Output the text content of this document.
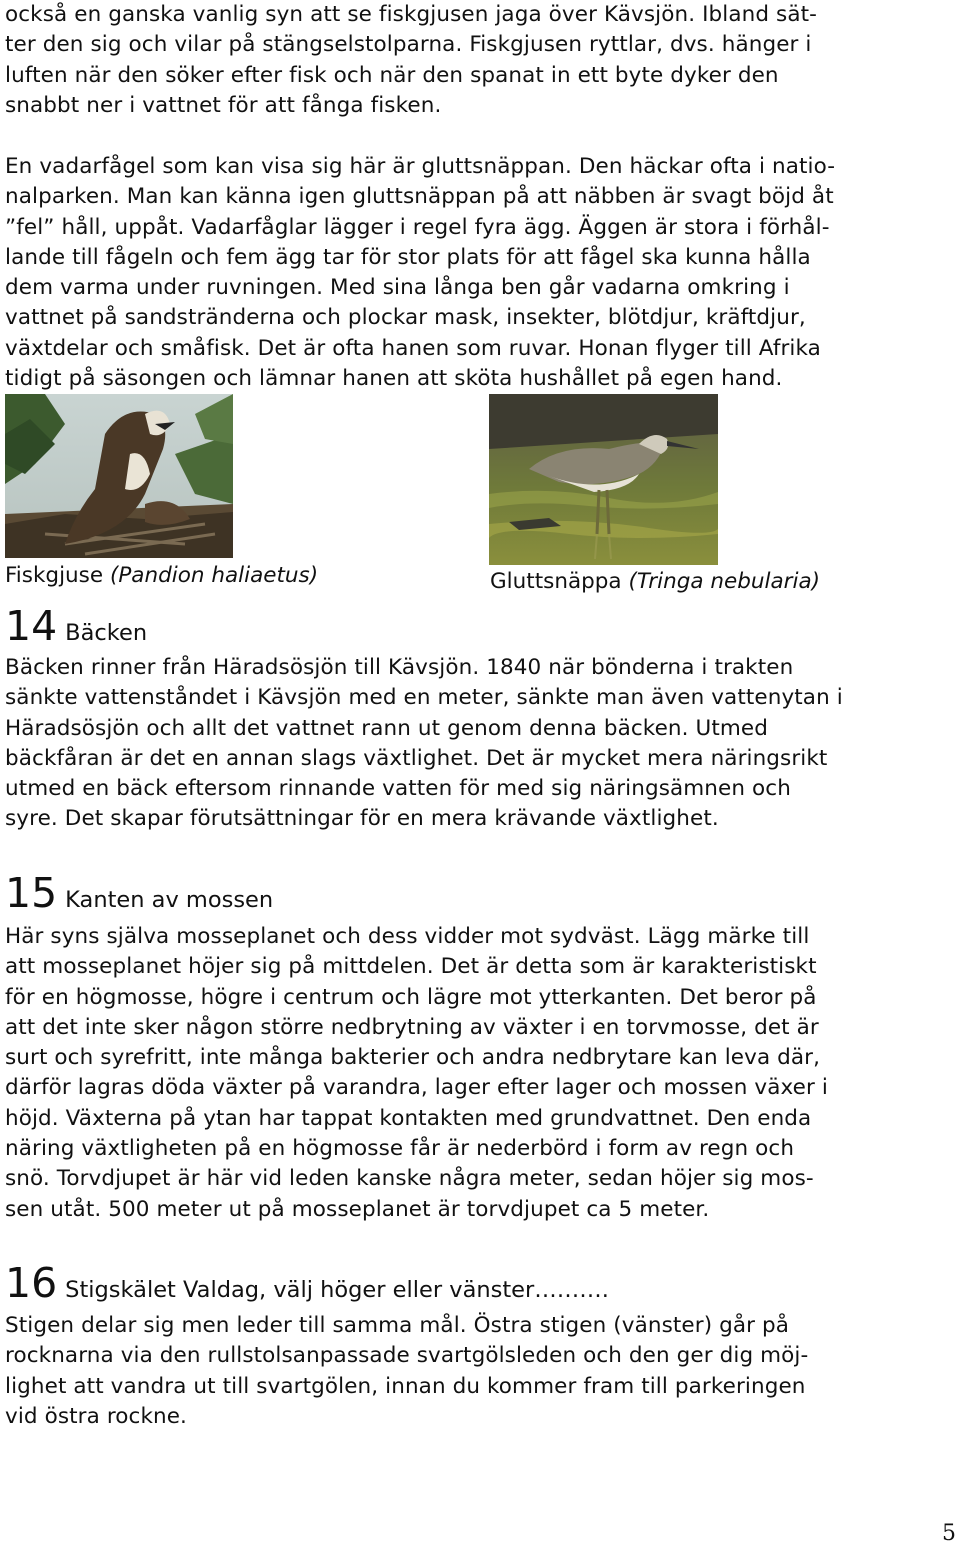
också en ganska vanlig syn att se fiskgjusen jaga över Kävsjön. Ibland sät-
ter den sig och vilar på stängselstolparna. Fiskgjusen ryttlar, dvs. hänger i
luften när den söker efter fisk och när den spanat in ett byte dyker den
snabbt ner i vattnet för att fånga fisken.

En vadarfågel som kan visa sig här är gluttsnäppan. Den häckar ofta i natio-
nalparken. Man kan känna igen gluttsnäppan på att näbben är svagt böjd åt
”fel” håll, uppåt. Vadarfåglar lägger i regel fyra ägg. Äggen är stora i förhål-
lande till fågeln och fem ägg tar för stor plats för att fågel ska kunna hålla
dem varma under ruvningen. Med sina långa ben går vadarna omkring i
vattnet på sandstränderna och plockar mask, insekter, blötdjur, kräftdjur,
växtdelar och småfisk. Det är ofta hanen som ruvar. Honan flyger till Afrika
tidigt på säsongen och lämnar hanen att sköta hushållet på egen hand.

Fiskgjuse (Pandion haliaetus)	Gluttsnäppa (Tringa nebularia)
14 Bäcken

Bäcken rinner från Häradsösjön till Kävsjön. 1840 när bönderna i trakten
sänkte vattenståndet i Kävsjön med en meter, sänkte man även vattenytan i
Häradsösjön och allt det vattnet rann ut genom denna bäcken. Utmed
bäckfåran är det en annan slags växtlighet. Det är mycket mera näringsrikt
utmed en bäck eftersom rinnande vatten för med sig näringsämnen och
syre. Det skapar förutsättningar för en mera krävande växtlighet.

15 Kanten av mossen

Här syns själva mosseplanet och dess vidder mot sydväst. Lägg märke till
att mosseplanet höjer sig på mittdelen. Det är detta som är karakteristiskt
för en högmosse, högre i centrum och lägre mot ytterkanten. Det beror på
att det inte sker någon större nedbrytning av växter i en torvmosse, det är
surt och syrefritt, inte många bakterier och andra nedbrytare kan leva där,
därför lagras döda växter på varandra, lager efter lager och mossen växer i
höjd. Växterna på ytan har tappat kontakten med grundvattnet. Den enda
näring växtligheten på en högmosse får är nederbörd i form av regn och
snö. Torvdjupet är här vid leden kanske några meter, sedan höjer sig mos-
sen utåt. 500 meter ut på mosseplanet är torvdjupet ca 5 meter.

16 Stigskälet Valdag, välj höger eller vänster……….

Stigen delar sig men leder till samma mål. Östra stigen (vänster) går på
rocknarna via den rullstolsanpassade svartgölsleden och den ger dig möj-
lighet att vandra ut till svartgölen, innan du kommer fram till parkeringen
vid östra rockne.

5
